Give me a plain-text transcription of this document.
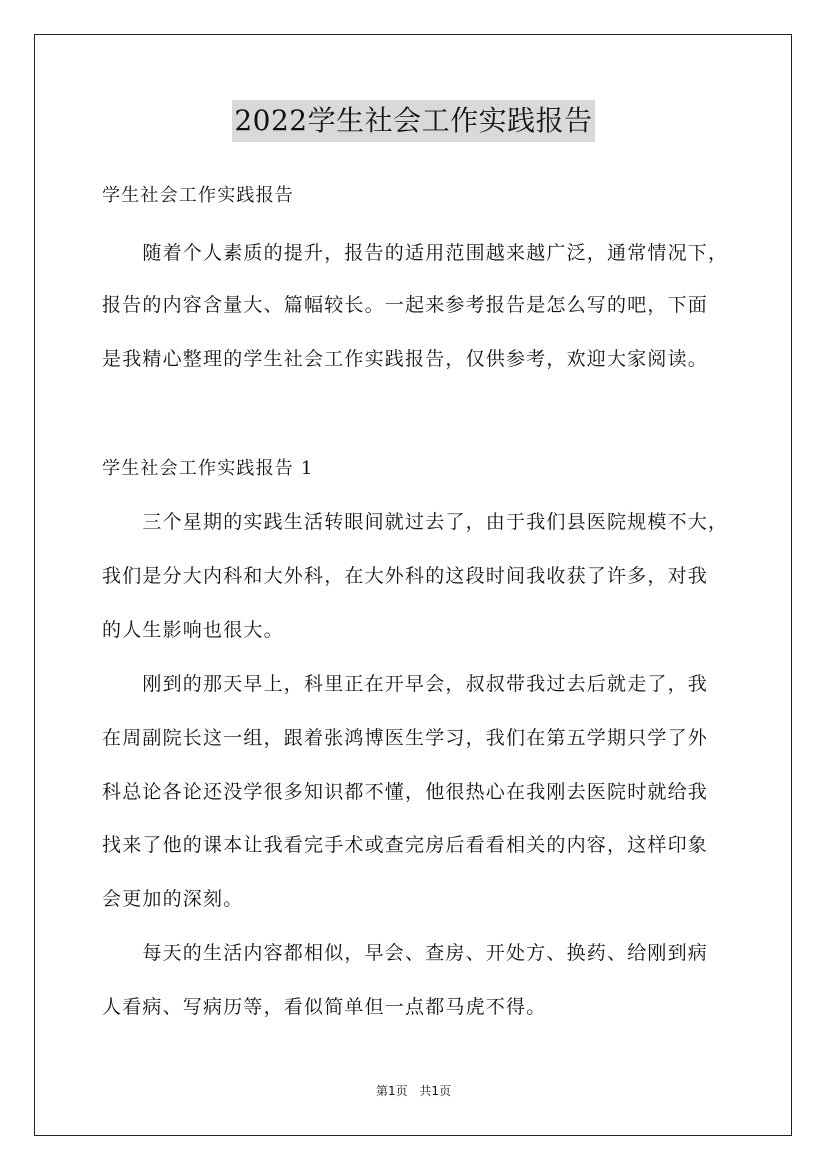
2022学生社会工作实践报告
学生社会工作实践报告
　　随着个人素质的提升，报告的适用范围越来越广泛，通常情况下，
报告的内容含量大、篇幅较长。一起来参考报告是怎么写的吧，下面
是我精心整理的学生社会工作实践报告，仅供参考，欢迎大家阅读。
学生社会工作实践报告 1
　　三个星期的实践生活转眼间就过去了，由于我们县医院规模不大，
我们是分大内科和大外科，在大外科的这段时间我收获了许多，对我
的人生影响也很大。
　　刚到的那天早上，科里正在开早会，叔叔带我过去后就走了，我
在周副院长这一组，跟着张鸿博医生学习，我们在第五学期只学了外
科总论各论还没学很多知识都不懂，他很热心在我刚去医院时就给我
找来了他的课本让我看完手术或查完房后看看相关的内容，这样印象
会更加的深刻。
　　每天的生活内容都相似，早会、查房、开处方、换药、给刚到病
人看病、写病历等，看似简单但一点都马虎不得。
第1页 共1页
